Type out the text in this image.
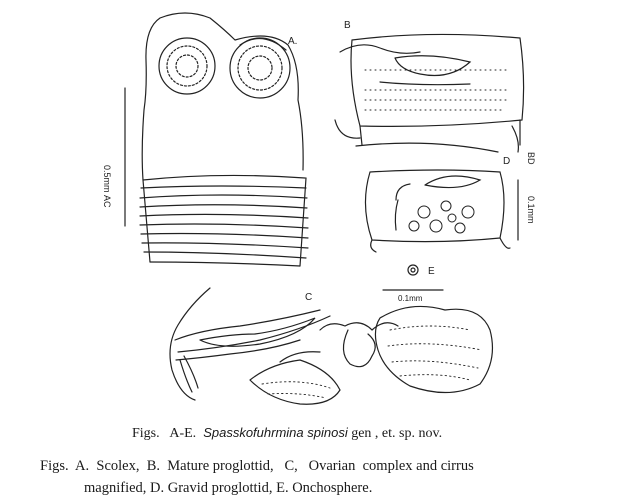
A.
B
D
E
C
0.5mm
AC
BD
0.1mm
0.1mm
Figs. A-E. Spasskofuhrmina spinosi gen , et. sp. nov.
Figs.  A.  Scolex,  B.  Mature proglottid,   C,   Ovarian  complex and cirrus
magnified, D. Gravid proglottid, E. Onchosphere.
